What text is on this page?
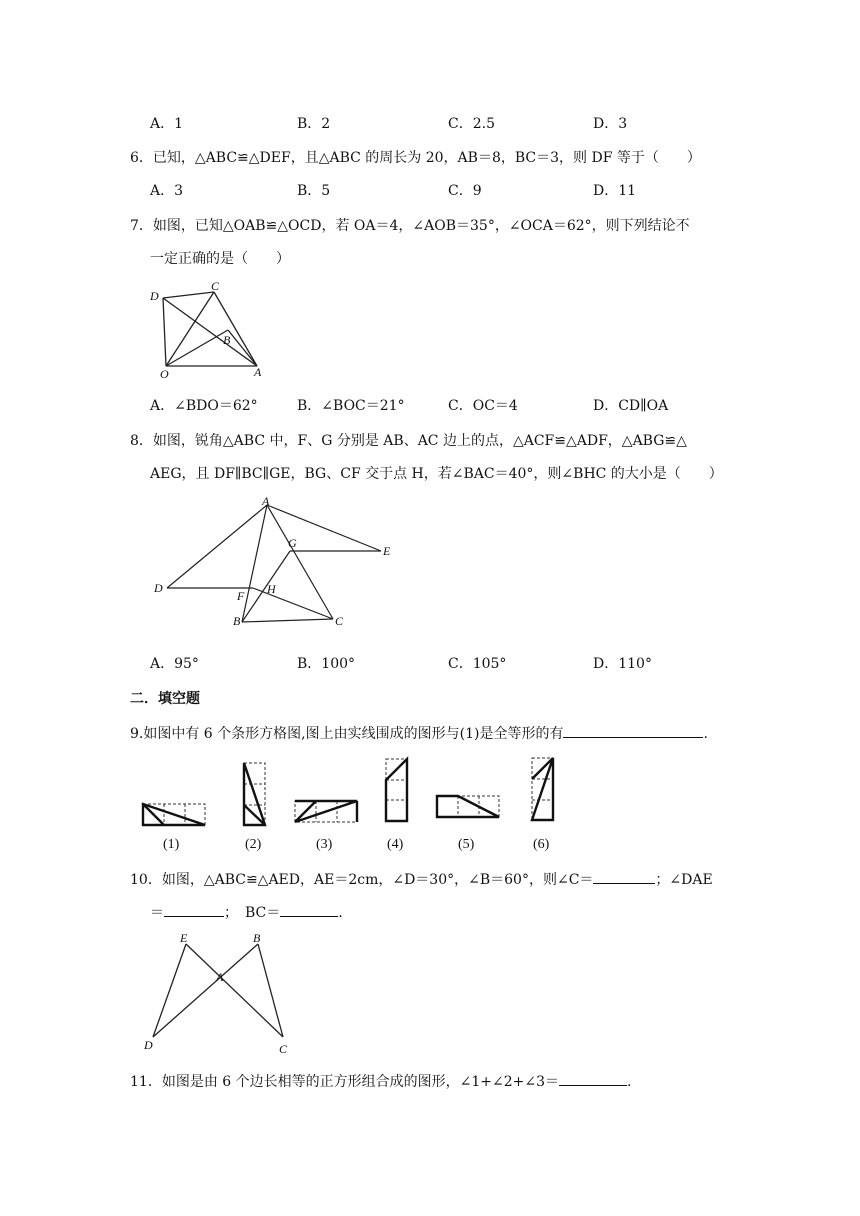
A．1	B．2	C．2.5	D．3
6．已知，△ABC≌△DEF，且△ABC 的周长为 20，AB＝8，BC＝3，则 DF 等于（　　）
A．3	B．5	C．9	D．11
7．如图，已知△OAB≌△OCD，若 OA＝4，∠AOB＝35°，∠OCA＝62°，则下列结论不
一定正确的是（　　）
D
C
B
O	A
A．∠BDO＝62°	B．∠BOC＝21°	C．OC＝4	D．CD∥OA
8．如图，锐角△ABC 中，F、G 分别是 AB、AC 边上的点，△ACF≌△ADF，△ABG≌△
AEG，且 DF∥BC∥GE，BG、CF 交于点 H，若∠BAC＝40°，则∠BHC 的大小是（　　）
A
G
E
D	H
F
B	C
A．95°	B．100°	C．105°	D．110°
二．填空题
9.如图中有 6 个条形方格图,图上由实线围成的图形与(1)是全等形的有	.
(1)	(2)	(3)	(4)	(5)	(6)
10．如图，△ABC≌△AED，AE＝2cm，∠D＝30°，∠B＝60°，则∠C＝	；∠DAE
＝	；　BC＝	.
E	B
A
D	C
11．如图是由 6 个边长相等的正方形组合成的图形，∠1+∠2+∠3＝	.
